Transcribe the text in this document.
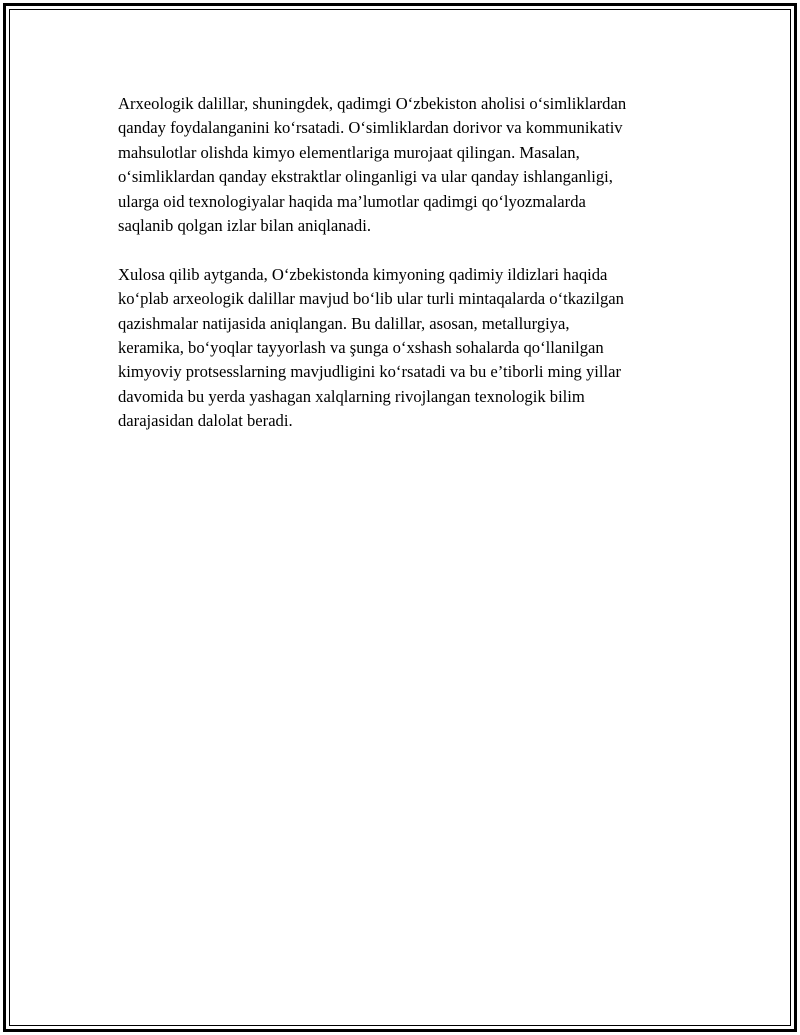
Arxeologik dalillar, shuningdek, qadimgi O‘zbekiston aholisi o‘simliklardan
qanday foydalanganini ko‘rsatadi. O‘simliklardan dorivor va kommunikativ
mahsulotlar olishda kimyo elementlariga murojaat qilingan. Masalan,
o‘simliklardan qanday ekstraktlar olinganligi va ular qanday ishlanganligi,
ularga oid texnologiyalar haqida ma’lumotlar qadimgi qo‘lyozmalarda
saqlanib qolgan izlar bilan aniqlanadi.

Xulosa qilib aytganda, O‘zbekistonda kimyoning qadimiy ildizlari haqida
ko‘plab arxeologik dalillar mavjud bo‘lib ular turli mintaqalarda o‘tkazilgan
qazishmalar natijasida aniqlangan. Bu dalillar, asosan, metallurgiya,
keramika, bo‘yoqlar tayyorlash va şunga o‘xshash sohalarda qo‘llanilgan
kimyoviy protsesslarning mavjudligini ko‘rsatadi va bu e’tiborli ming yillar
davomida bu yerda yashagan xalqlarning rivojlangan texnologik bilim
darajasidan dalolat beradi.
